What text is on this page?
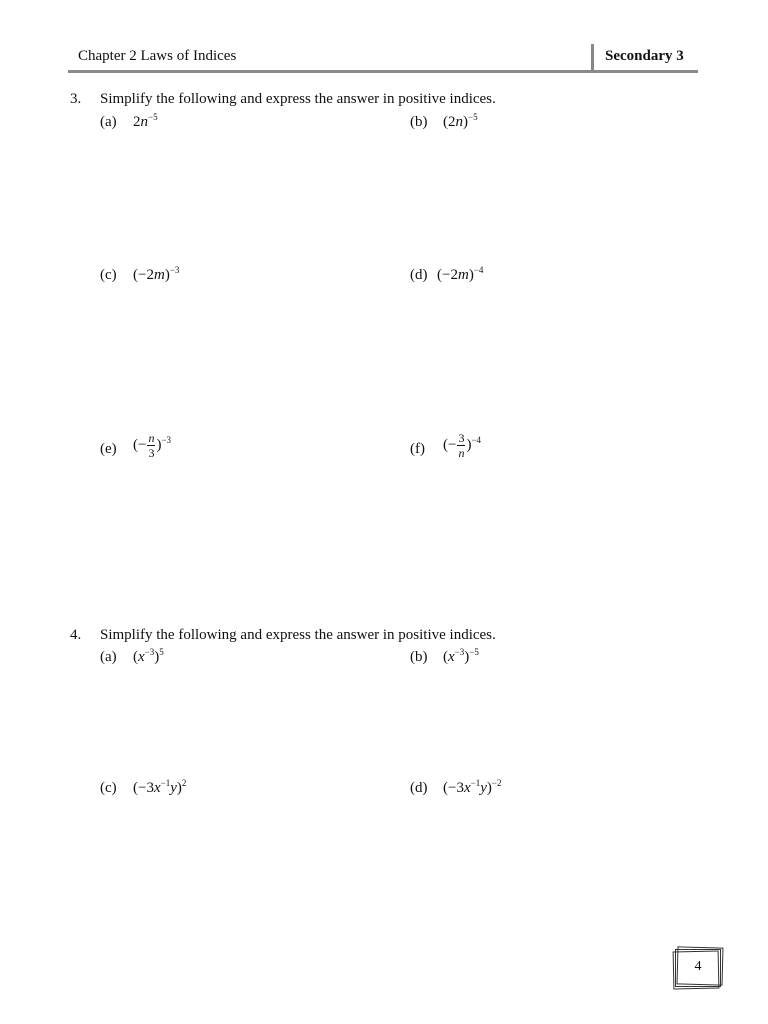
Chapter 2 Laws of Indices	Secondary 3
3. Simplify the following and express the answer in positive indices.
(a) $2n^{-5}$	(b) $(2n)^{-5}$
(c) $(-2m)^{-3}$	(d) $(-2m)^{-4}$
(e) (− $\frac{n}{3} )^{-3}$
(f) (− $\frac{3}{n} )^{-4}$
4. Simplify the following and express the answer in positive indices.
(a) $(x^{-3})^5$	(b) $(x^{-3})^{-5}$
(c) $(-3x^{-1}y)^2$	(d) $(-3x^{-1}y)^{-2}$
4
